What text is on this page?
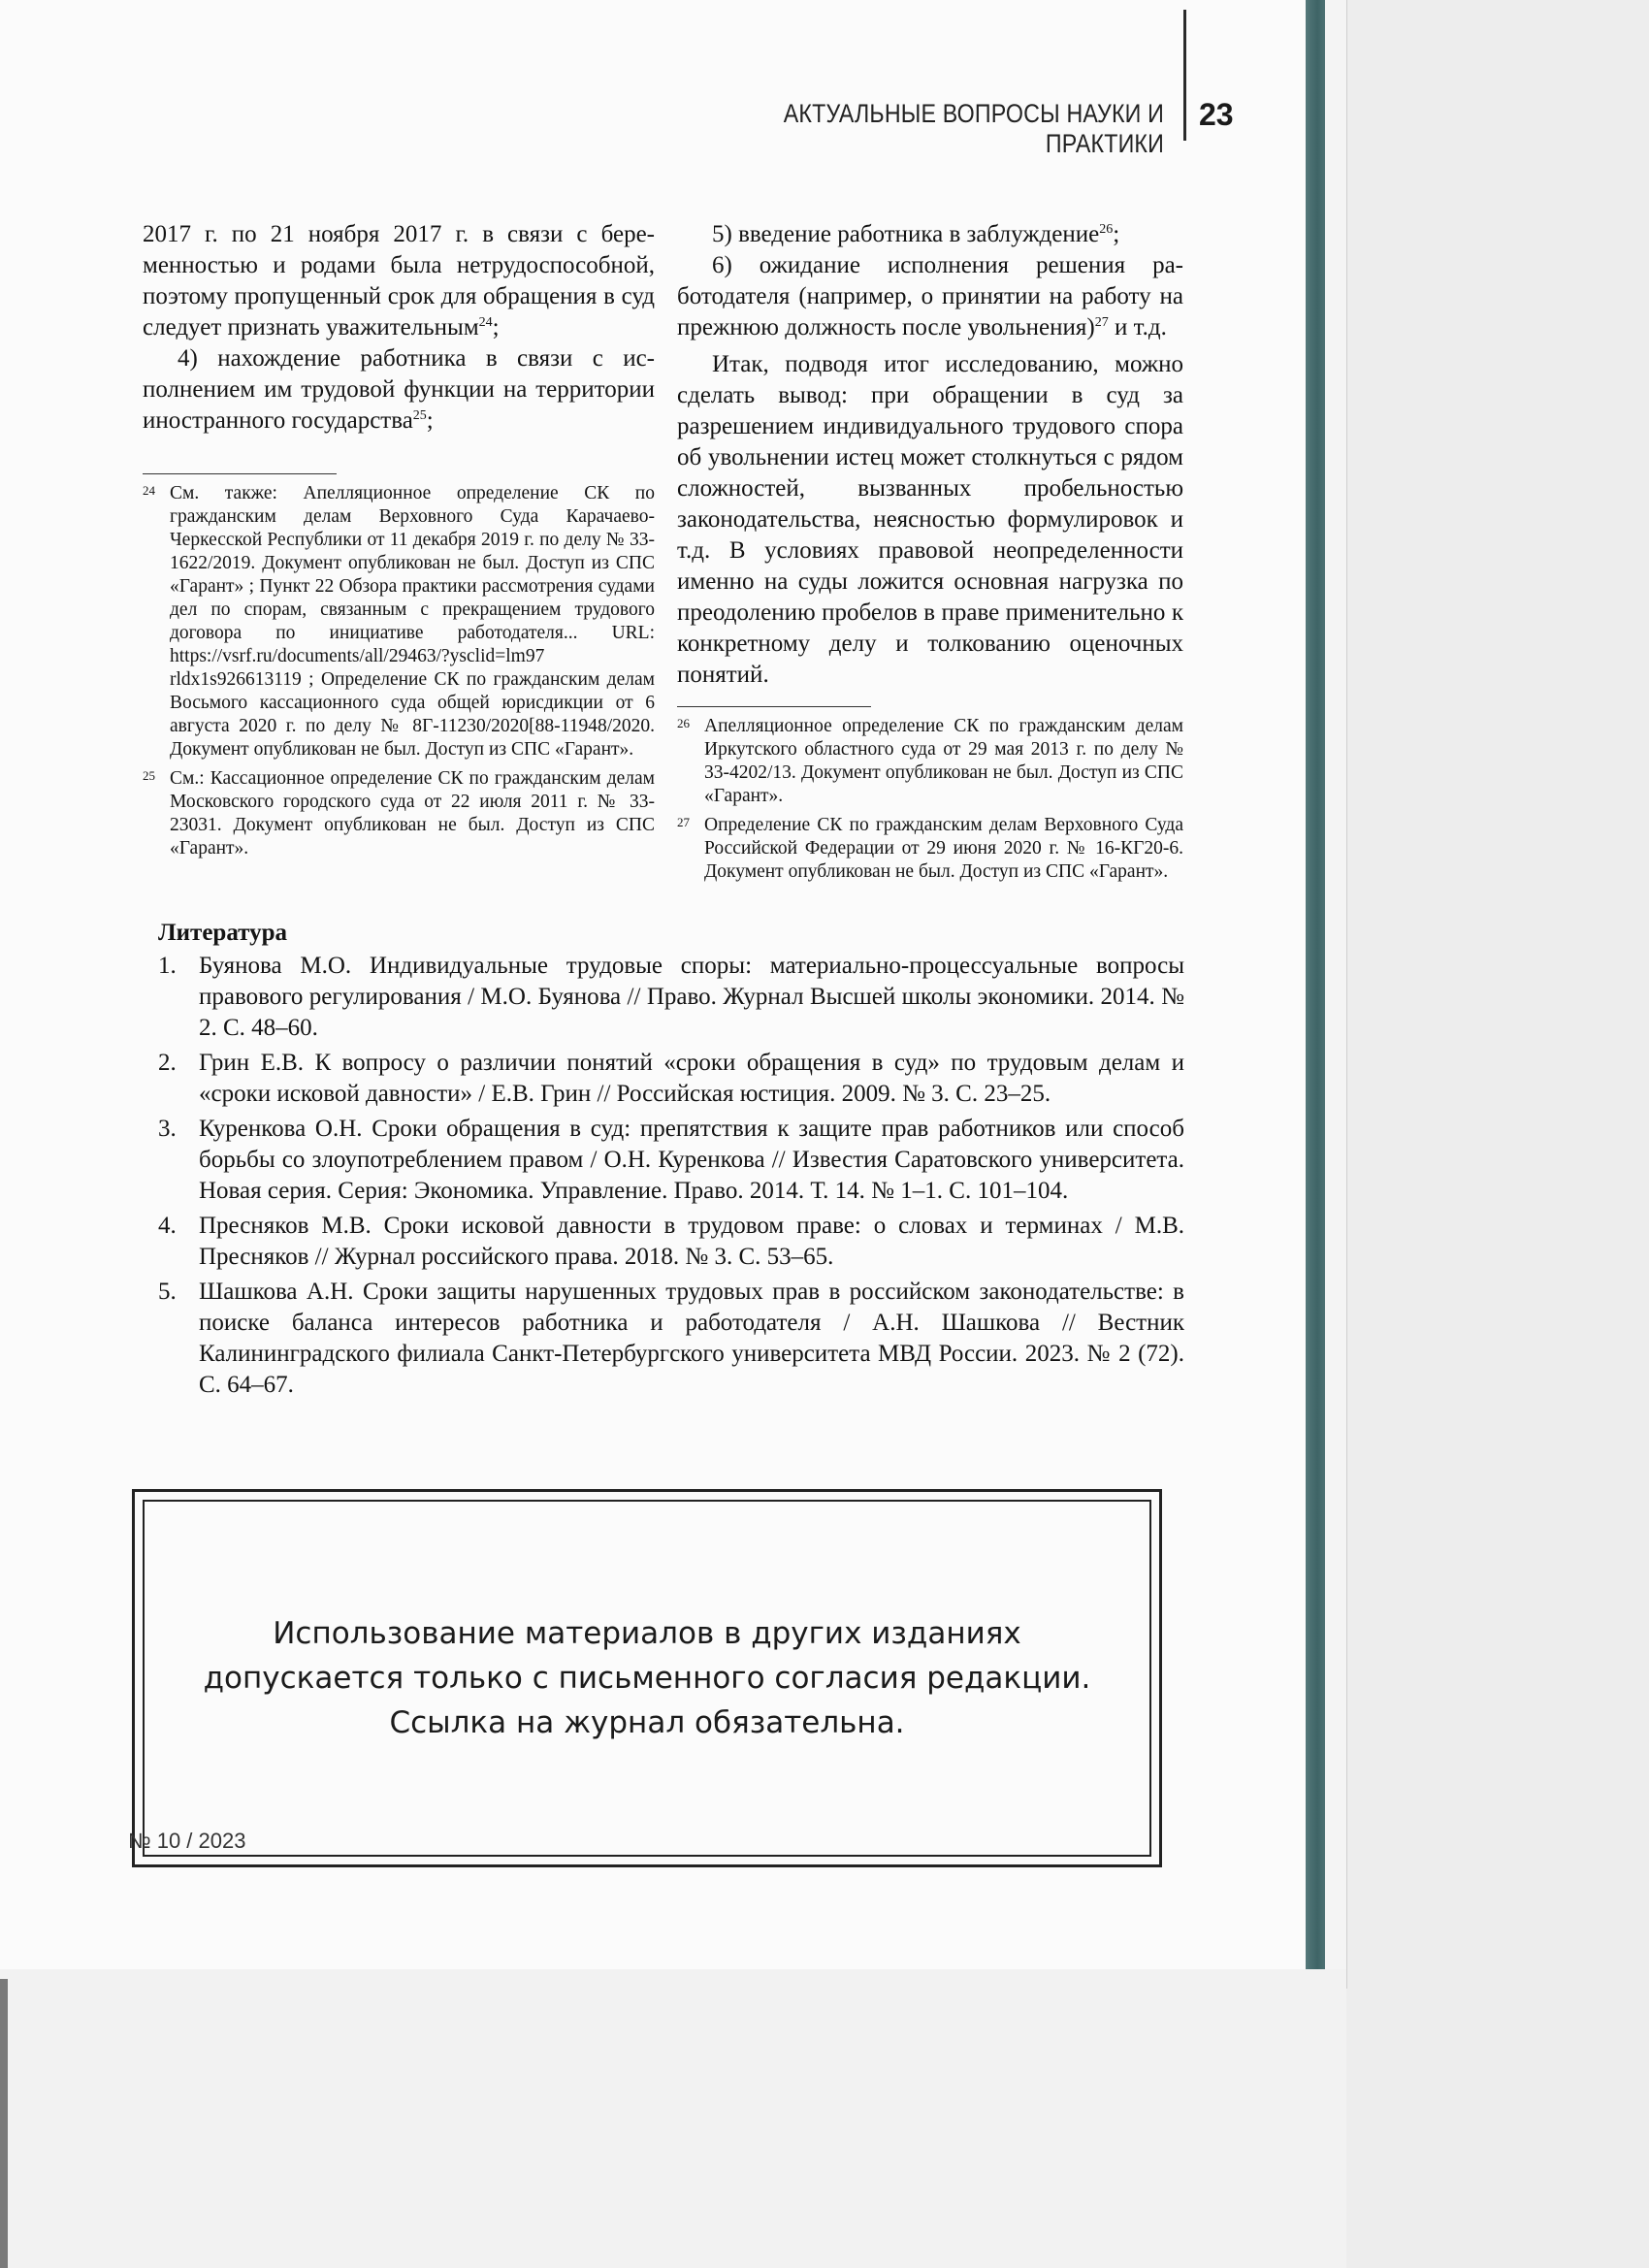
АКТУАЛЬНЫЕ ВОПРОСЫ НАУКИ И ПРАКТИКИ
23

2017 г. по 21 ноября 2017 г. в связи с беременностью и родами была нетрудоспособной, поэтому пропущенный срок для обращения в суд следует признать уважительным$^{24}$;

4) нахождение работника в связи с исполнением им трудовой функции на территории иностранного государства$^{25}$;

24 См. также: Апелляционное определение СК по гражданским делам Верховного Суда Карачаево-Черкесской Республики от 11 декабря 2019 г. по делу № 33-1622/2019. Документ опубликован не был. Доступ из СПС «Гарант» ; Пункт 22 Обзора практики рассмотрения судами дел по спорам, связанным с прекращением трудового договора по инициативе работодателя... URL: https://vsrf.ru/documents/all/29463/?ysclid=lm97 rldx1s926613119 ; Определение СК по гражданским делам Восьмого кассационного суда общей юрисдикции от 6 августа 2020 г. по делу № 8Г-11230/2020[88-11948/2020. Документ опубликован не был. Доступ из СПС «Гарант».
25 См.: Кассационное определение СК по гражданским делам Московского городского суда от 22 июля 2011 г. № 33-23031. Документ опубликован не был. Доступ из СПС «Гарант».

5) введение работника в заблуждение$^{26}$;

6) ожидание исполнения решения работодателя (например, о принятии на работу на прежнюю должность после увольнения)$^{27}$ и т.д.

Итак, подводя итог исследованию, можно сделать вывод: при обращении в суд за разрешением индивидуального трудового спора об увольнении истец может столкнуться с рядом сложностей, вызванных пробельностью законодательства, неясностью формулировок и т.д. В условиях правовой неопределенности именно на суды ложится основная нагрузка по преодолению пробелов в праве применительно к конкретному делу и толкованию оценочных понятий.

26 Апелляционное определение СК по гражданским делам Иркутского областного суда от 29 мая 2013 г. по делу № 33-4202/13. Документ опубликован не был. Доступ из СПС «Гарант».
27 Определение СК по гражданским делам Верховного Суда Российской Федерации от 29 июня 2020 г. № 16-КГ20-6. Документ опубликован не был. Доступ из СПС «Гарант».
Литература
1. Буянова М.О. Индивидуальные трудовые споры: материально-процессуальные вопросы правового регулирования / М.О. Буянова // Право. Журнал Высшей школы экономики. 2014. № 2. С. 48–60.
2. Грин Е.В. К вопросу о различии понятий «сроки обращения в суд» по трудовым делам и «сроки исковой давности» / Е.В. Грин // Российская юстиция. 2009. № 3. С. 23–25.
3. Куренкова О.Н. Сроки обращения в суд: препятствия к защите прав работников или способ борьбы со злоупотреблением правом / О.Н. Куренкова // Известия Саратовского университета. Новая серия. Серия: Экономика. Управление. Право. 2014. Т. 14. № 1–1. С. 101–104.
4. Пресняков М.В. Сроки исковой давности в трудовом праве: о словах и терминах / М.В. Пресняков // Журнал российского права. 2018. № 3. С. 53–65.
5. Шашкова А.Н. Сроки защиты нарушенных трудовых прав в российском законодательстве: в поиске баланса интересов работника и работодателя / А.Н. Шашкова // Вестник Калининградского филиала Санкт-Петербургского университета МВД России. 2023. № 2 (72). С. 64–67.
Использование материалов в других изданиях
допускается только с письменного согласия редакции.
Ссылка на журнал обязательна.
№ 10 / 2023
